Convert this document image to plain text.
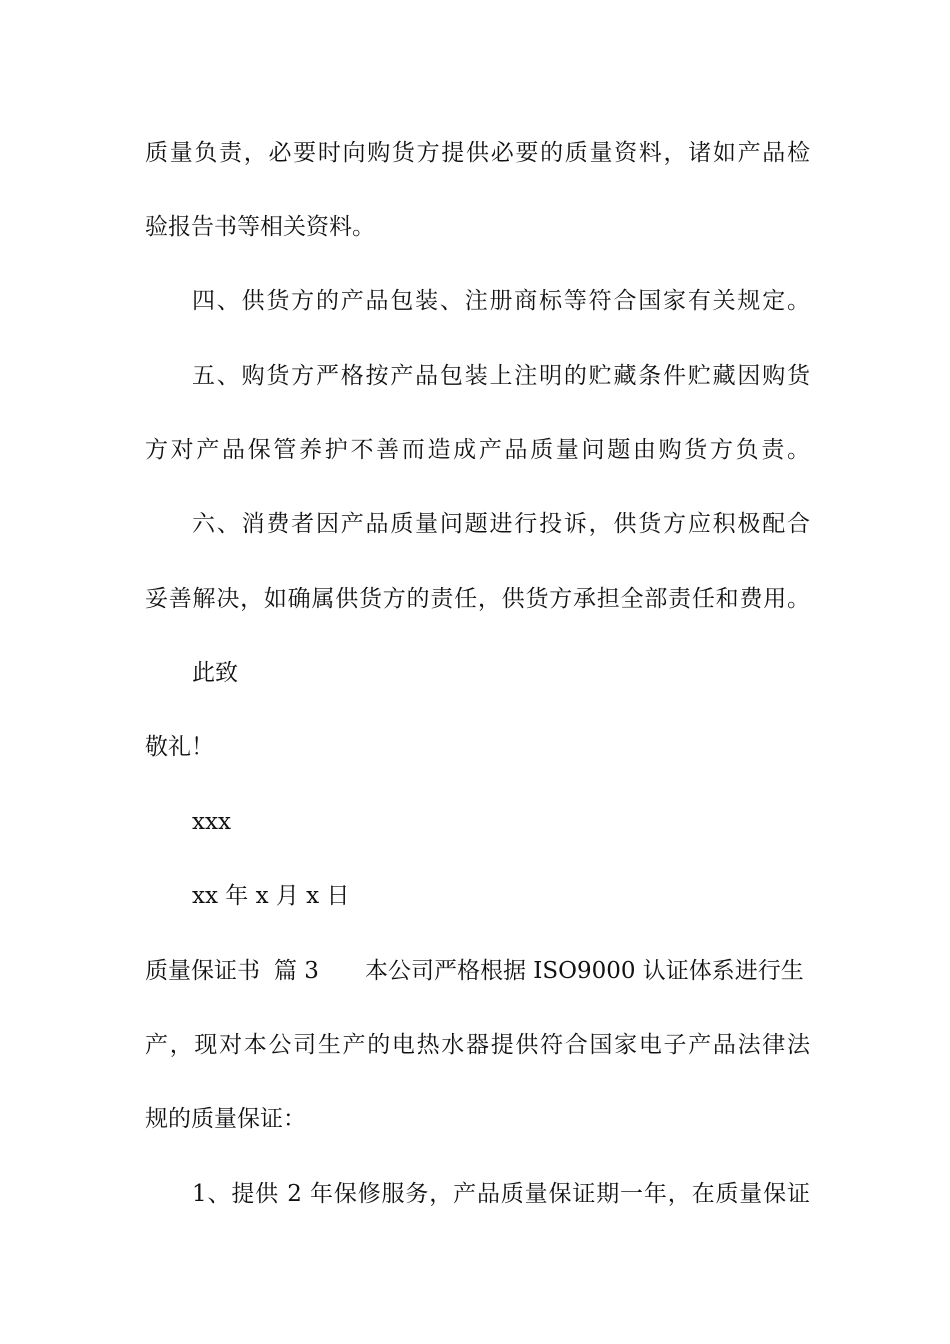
质量负责，必要时向购货方提供必要的质量资料，诸如产品检
验报告书等相关资料。
四、供货方的产品包装、注册商标等符合国家有关规定。
五、购货方严格按产品包装上注明的贮藏条件贮藏因购货
方对产品保管养护不善而造成产品质量问题由购货方负责。
六、消费者因产品质量问题进行投诉，供货方应积极配合
妥善解决，如确属供货方的责任，供货方承担全部责任和费用。
此致
敬礼！
xxx
xx 年 x 月 x 日
质量保证书 篇 3 本公司严格根据 ISO9000 认证体系进行生
产，现对本公司生产的电热水器提供符合国家电子产品法律法
规的质量保证：
1、提供 2 年保修服务，产品质量保证期一年，在质量保证
